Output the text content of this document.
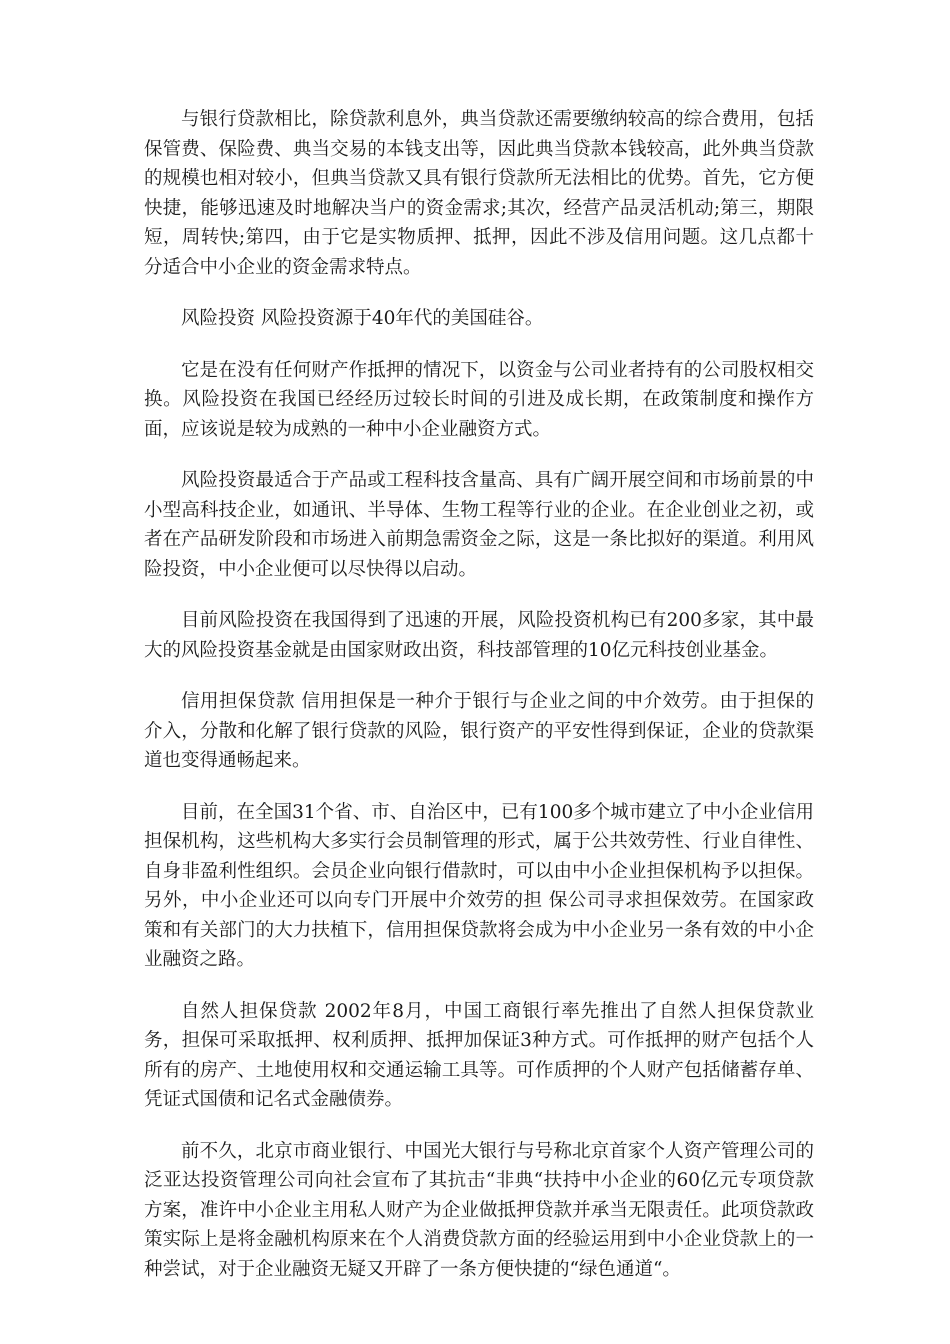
与银行贷款相比，除贷款利息外，典当贷款还需要缴纳较高的综合费用，包括保管费、保险费、典当交易的本钱支出等，因此典当贷款本钱较高，此外典当贷款的规模也相对较小，但典当贷款又具有银行贷款所无法相比的优势。首先，它方便快捷，能够迅速及时地解决当户的资金需求;其次，经营产品灵活机动;第三，期限短，周转快;第四，由于它是实物质押、抵押，因此不涉及信用问题。这几点都十分适合中小企业的资金需求特点。

风险投资 风险投资源于40年代的美国硅谷。

它是在没有任何财产作抵押的情况下，以资金与公司业者持有的公司股权相交换。风险投资在我国已经经历过较长时间的引进及成长期，在政策制度和操作方面，应该说是较为成熟的一种中小企业融资方式。

风险投资最适合于产品或工程科技含量高、具有广阔开展空间和市场前景的中小型高科技企业，如通讯、半导体、生物工程等行业的企业。在企业创业之初，或者在产品研发阶段和市场进入前期急需资金之际，这是一条比拟好的渠道。利用风险投资，中小企业便可以尽快得以启动。

目前风险投资在我国得到了迅速的开展，风险投资机构已有200多家，其中最大的风险投资基金就是由国家财政出资，科技部管理的10亿元科技创业基金。

信用担保贷款 信用担保是一种介于银行与企业之间的中介效劳。由于担保的介入，分散和化解了银行贷款的风险，银行资产的平安性得到保证，企业的贷款渠道也变得通畅起来。

目前，在全国31个省、市、自治区中，已有100多个城市建立了中小企业信用担保机构，这些机构大多实行会员制管理的形式，属于公共效劳性、行业自律性、自身非盈利性组织。会员企业向银行借款时，可以由中小企业担保机构予以担保。另外，中小企业还可以向专门开展中介效劳的担 保公司寻求担保效劳。在国家政策和有关部门的大力扶植下，信用担保贷款将会成为中小企业另一条有效的中小企业融资之路。

自然人担保贷款 2002年8月，中国工商银行率先推出了自然人担保贷款业务，担保可采取抵押、权利质押、抵押加保证3种方式。可作抵押的财产包括个人所有的房产、土地使用权和交通运输工具等。可作质押的个人财产包括储蓄存单、凭证式国债和记名式金融债券。

前不久，北京市商业银行、中国光大银行与号称北京首家个人资产管理公司的泛亚达投资管理公司向社会宣布了其抗击“非典“扶持中小企业的60亿元专项贷款方案，准许中小企业主用私人财产为企业做抵押贷款并承当无限责任。此项贷款政策实际上是将金融机构原来在个人消费贷款方面的经验运用到中小企业贷款上的一种尝试，对于企业融资无疑又开辟了一条方便快捷的“绿色通道“。
